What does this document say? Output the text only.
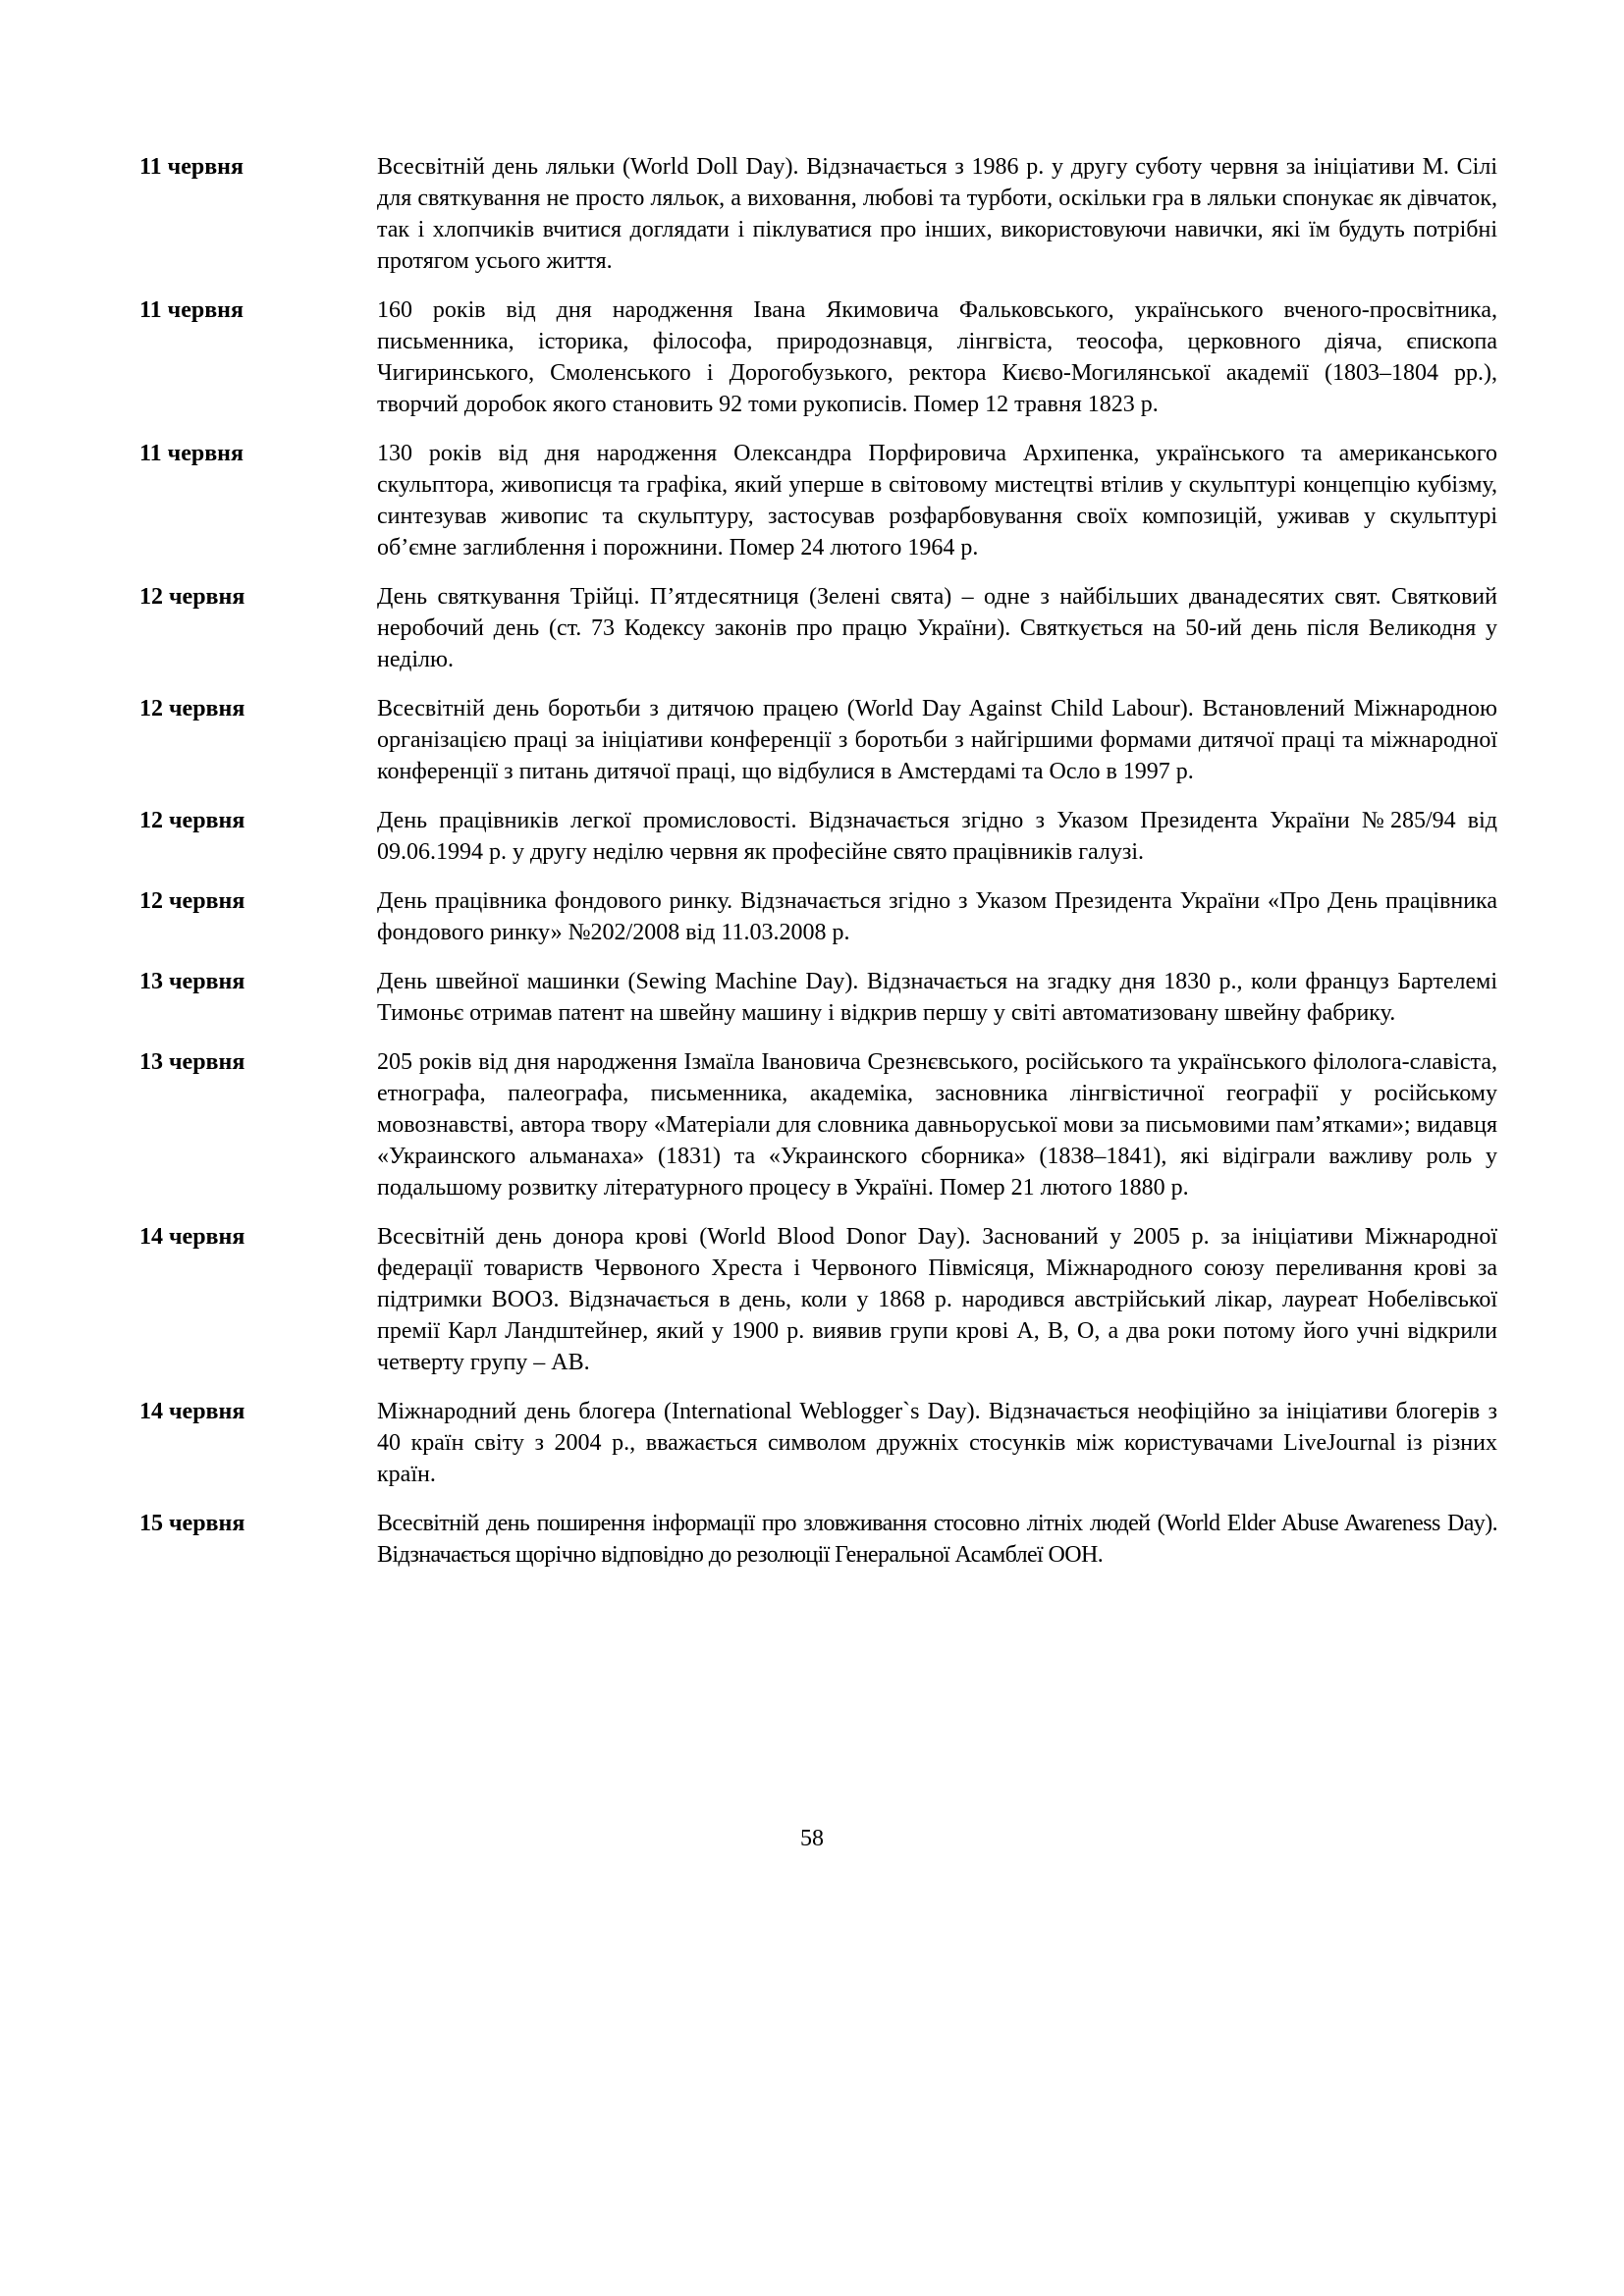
11 червня	Всесвітній день ляльки (World Doll Day). Відзначається з 1986 р. у другу суботу червня за ініціативи М. Сілі для святкування не просто ляльок, а виховання, любові та турботи, оскільки гра в ляльки спонукає як дівчаток, так і хлопчиків вчитися доглядати і піклуватися про інших, використовуючи навички, які їм будуть потрібні протягом усього життя.
11 червня	160 років від дня народження Івана Якимовича Фальковського, українського вченого-просвітника, письменника, історика, філософа, природознавця, лінгвіста, теософа, церковного діяча, єпископа Чигиринського, Смоленського і Дорогобузького, ректора Києво-Могилянської академії (1803–1804 рр.), творчий доробок якого становить 92 томи рукописів. Помер 12 травня 1823 р.
11 червня	130 років від дня народження Олександра Порфировича Архипенка, українського та американського скульптора, живописця та графіка, який уперше в світовому мистецтві втілив у скульптурі концепцію кубізму, синтезував живопис та скульптуру, застосував розфарбовування своїх композицій, уживав у скульптурі об’ємне заглиблення і порожнини. Помер 24 лютого 1964 р.
12 червня	День святкування Трійці. П’ятдесятниця (Зелені свята) – одне з найбільших дванадесятих свят. Святковий неробочий день (ст. 73 Кодексу законів про працю України). Святкується на 50-ий день після Великодня у неділю.
12 червня	Всесвітній день боротьби з дитячою працею (World Day Against Child Labour). Встановлений Міжнародною організацією праці за ініціативи конференції з боротьби з найгіршими формами дитячої праці та міжнародної конференції з питань дитячої праці, що відбулися в Амстердамі та Осло в 1997 р.
12 червня	День працівників легкої промисловості. Відзначається згідно з Указом Президента України №285/94 від 09.06.1994 р. у другу неділю червня як професійне свято працівників галузі.
12 червня	День працівника фондового ринку. Відзначається згідно з Указом Президента України «Про День працівника фондового ринку» №202/2008 від 11.03.2008 р.
13 червня	День швейної машинки (Sewing Machine Day). Відзначається на згадку дня 1830 р., коли француз Бартелемі Тимоньє отримав патент на швейну машину і відкрив першу у світі автоматизовану швейну фабрику.
13 червня	205 років від дня народження Ізмаїла Івановича Срезнєвського, російського та українського філолога-славіста, етнографа, палеографа, письменника, академіка, засновника лінгвістичної географії у російському мовознавстві, автора твору «Матеріали для словника давньоруської мови за письмовими пам’ятками»; видавця «Украинского альманаха» (1831) та «Украинского сборника» (1838–1841), які відіграли важливу роль у подальшому розвитку літературного процесу в Україні. Помер 21 лютого 1880 р.
14 червня	Всесвітній день донора крові (World Blood Donor Day). Заснований у 2005 р. за ініціативи Міжнародної федерації товариств Червоного Хреста і Червоного Півмісяця, Міжнародного союзу переливання крові за підтримки ВООЗ. Відзначається в день, коли у 1868 р. народився австрійський лікар, лауреат Нобелівської премії Карл Ландштейнер, який у 1900 р. виявив групи крові А, В, О, а два роки потому його учні відкрили четверту групу – АВ.
14 червня	Міжнародний день блогера (International Weblogger`s Day). Відзначається неофіційно за ініціативи блогерів з 40 країн світу з 2004 р., вважається символом дружніх стосунків між користувачами LiveJournal із різних країн.
15 червня	Всесвітній день поширення інформації про зловживання стосовно літніх людей (World Elder Abuse Awareness Day). Відзначається щорічно відповідно до резолюції Генеральної Асамблеї ООН.
58
